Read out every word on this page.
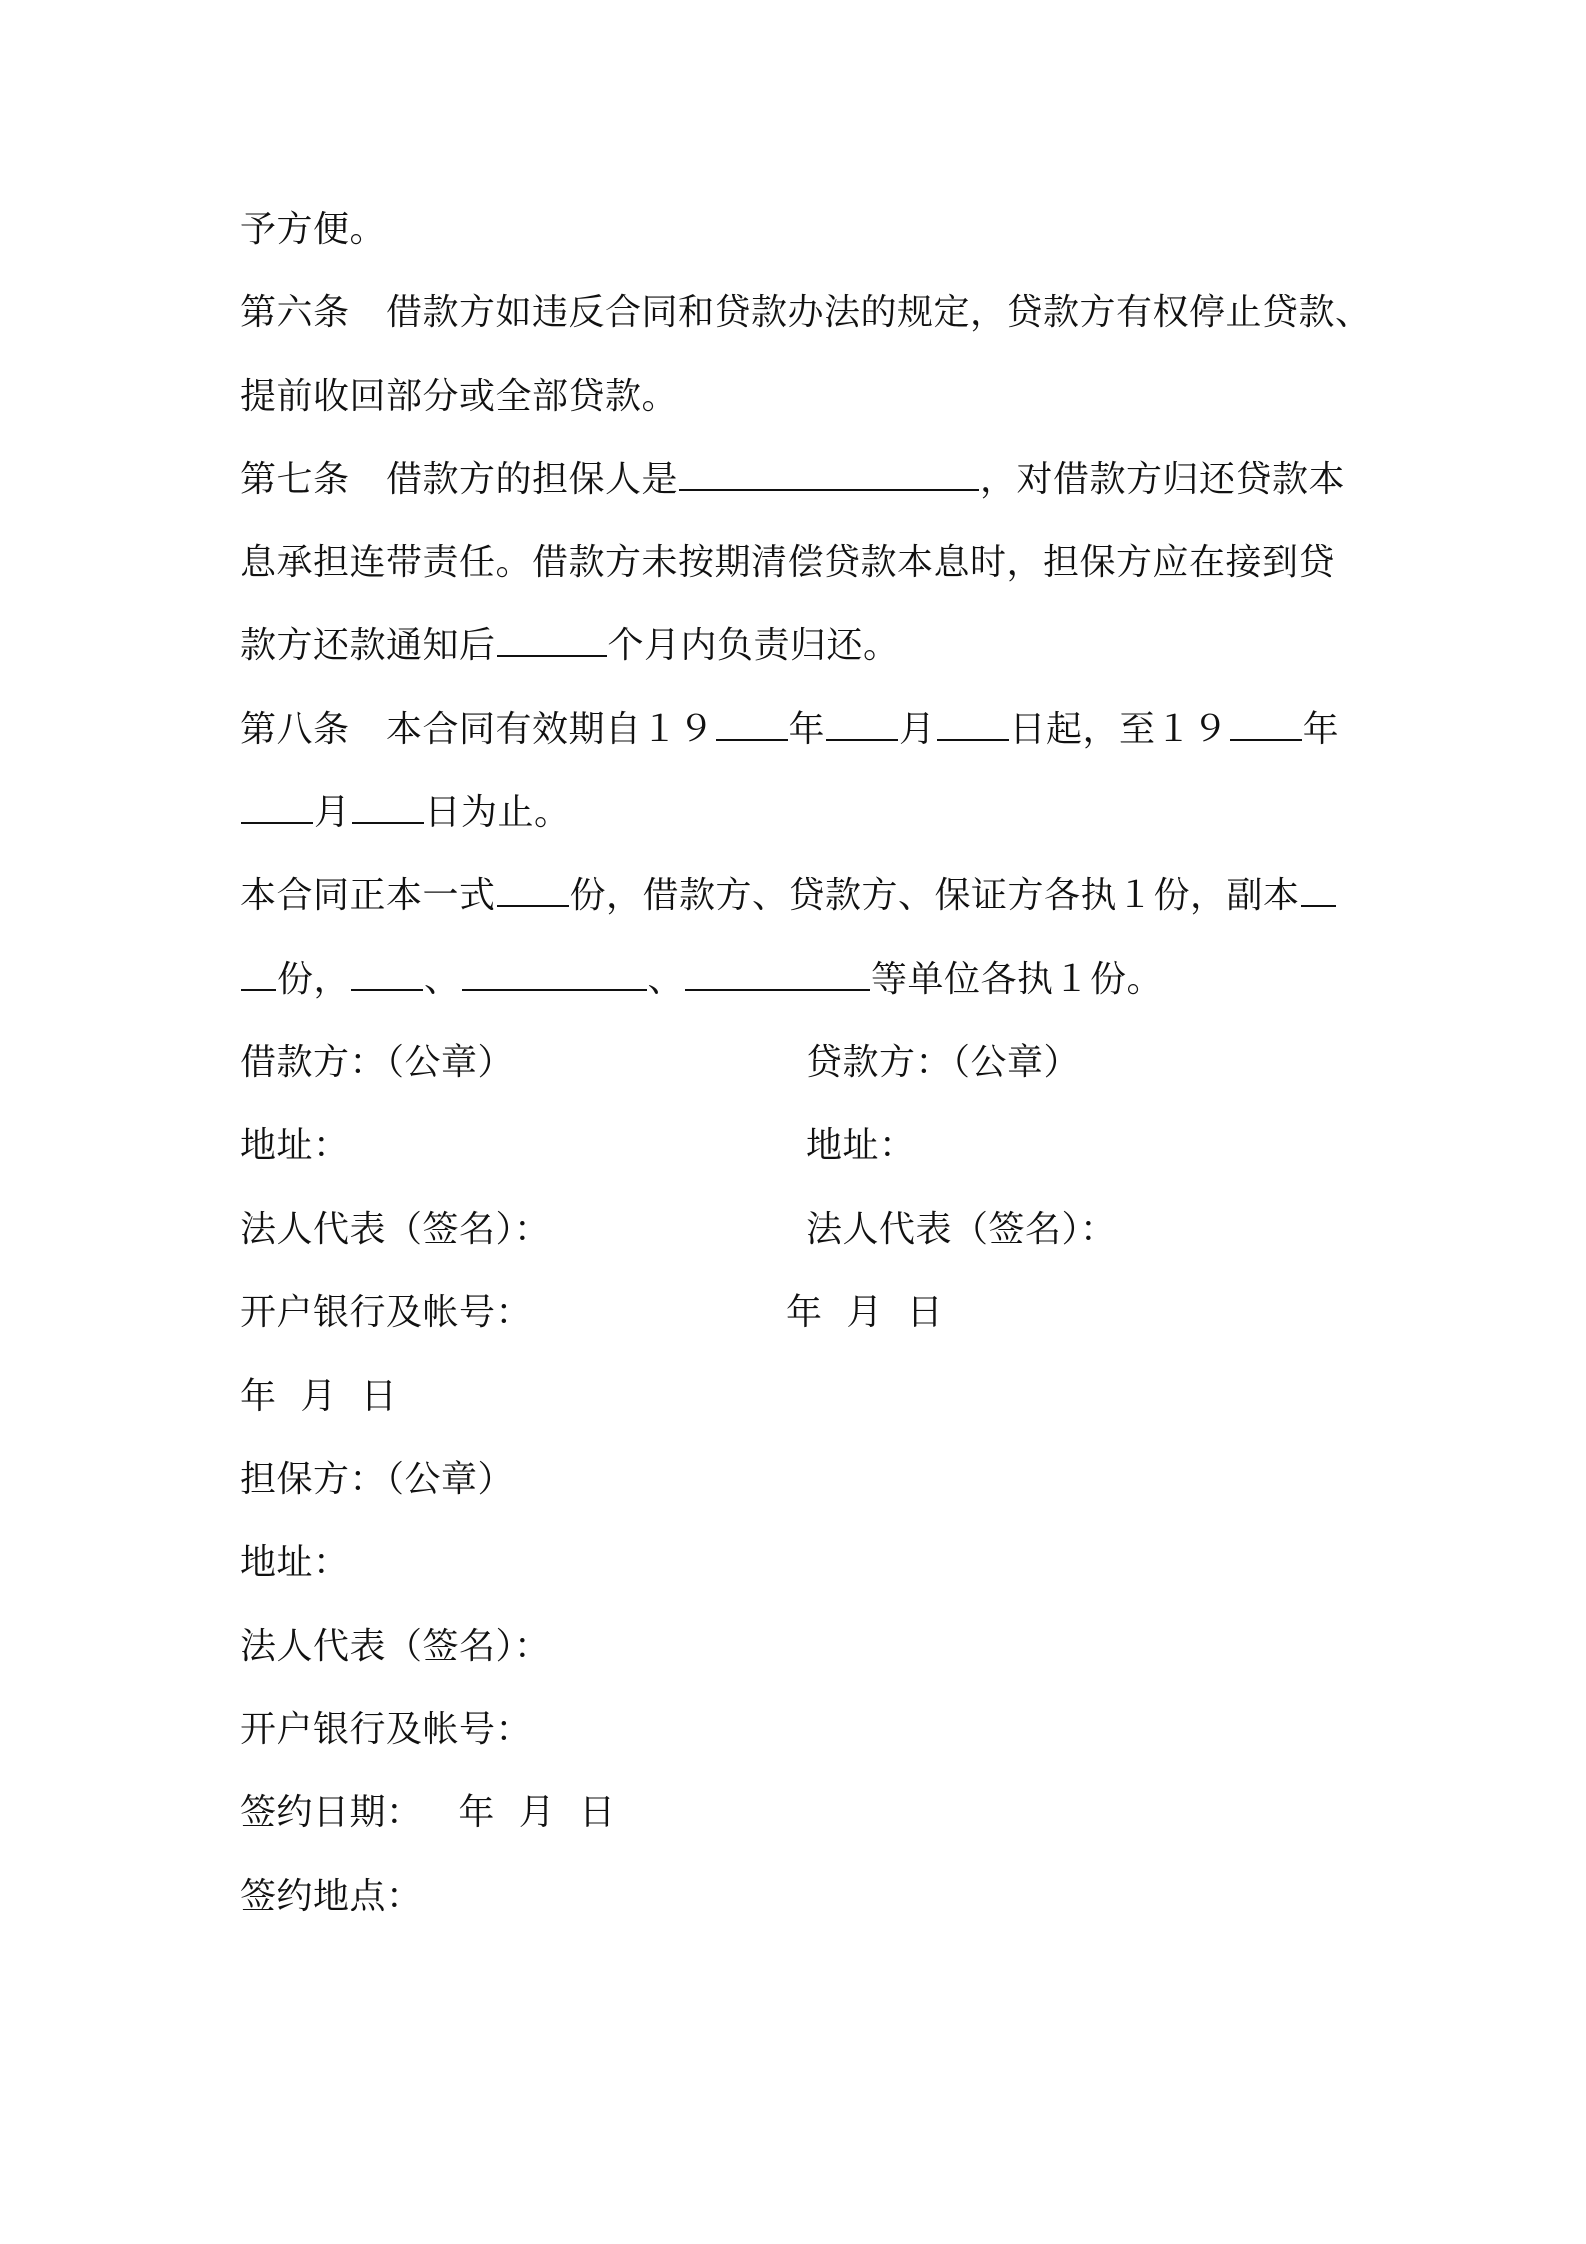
予方便。
第六条　借款方如违反合同和贷款办法的规定，贷款方有权停止贷款、
提前收回部分或全部贷款。
第七条　借款方的担保人是	，对借款方归还贷款本
息承担连带责任。借款方未按期清偿贷款本息时，担保方应在接到贷
款方还款通知后	个月内负责归还。
第八条　本合同有效期自１９ 年 月 日起，至１９ 年
月 日为止。
本合同正本一式 份，借款方、贷款方、保证方各执１份，副本
份， 、	、	等单位各执１份。
借款方：（公章）	贷款方：（公章）
地址：	地址：
法人代表（签名）：	法人代表（签名）：
开户银行及帐号：	年  月  日
年  月  日
担保方：（公章）
地址：
法人代表（签名）：
开户银行及帐号：
签约日期：   年  月  日
签约地点：
